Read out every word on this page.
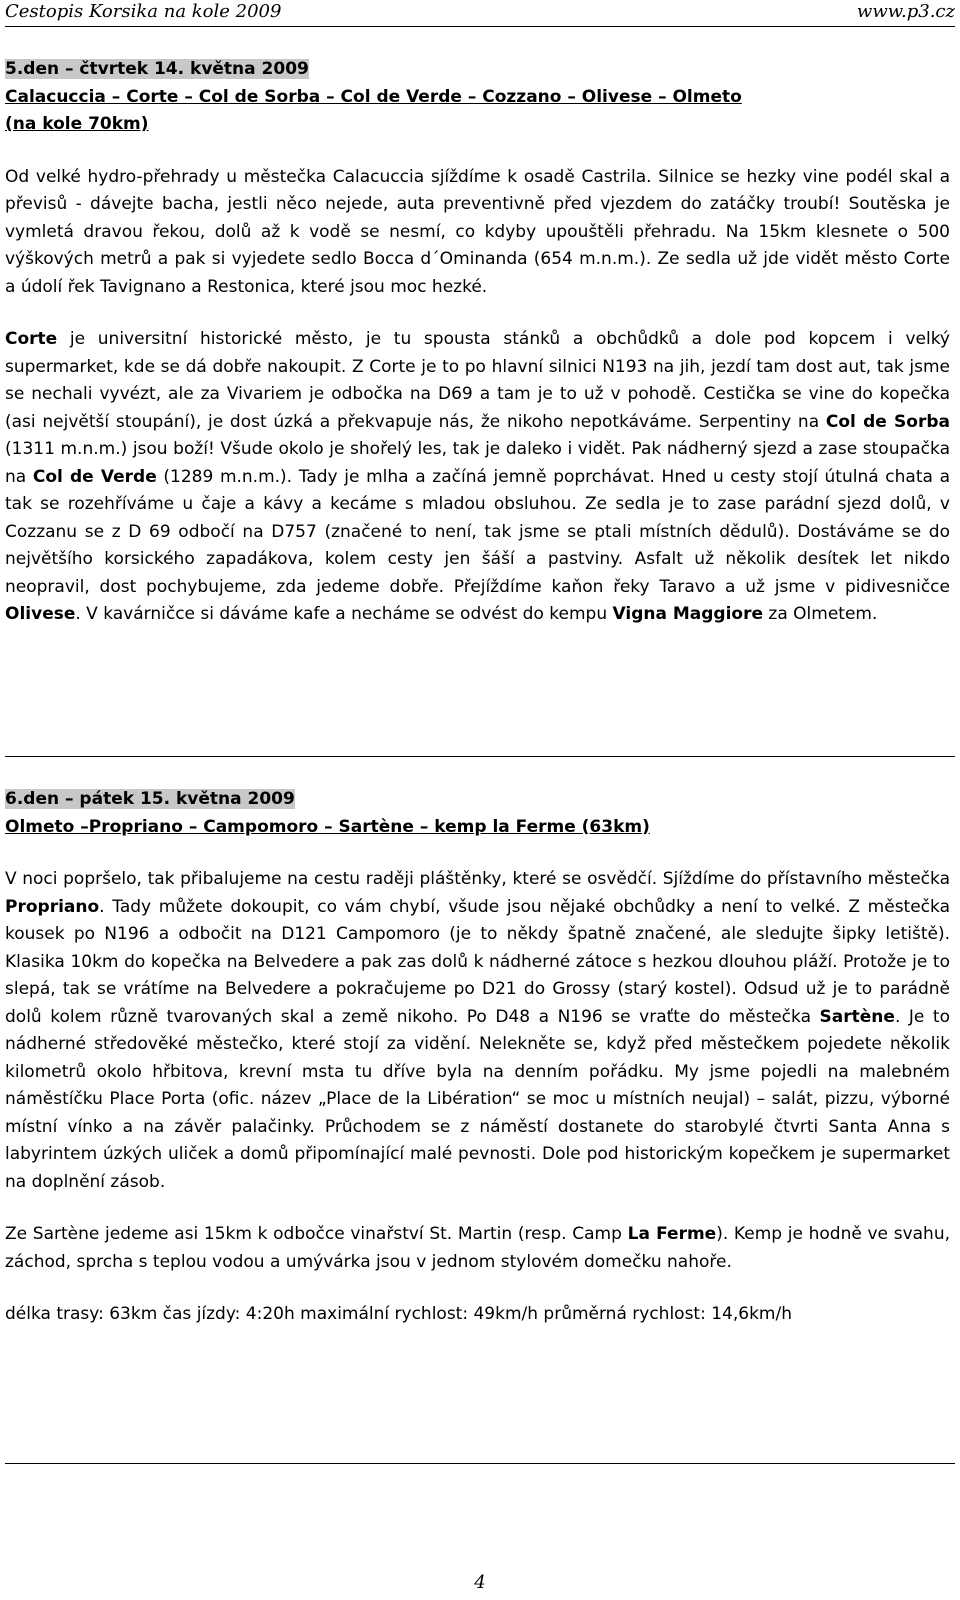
Cestopis Korsika na kole 2009	www.p3.cz
5.den – čtvrtek 14. května 2009
Calacuccia – Corte – Col de Sorba – Col de Verde – Cozzano – Olivese – Olmeto
(na kole 70km)

Od velké hydro-přehrady u městečka Calacuccia sjíždíme k osadě Castrila. Silnice se hezky vine podél skal a převisů - dávejte bacha, jestli něco nejede, auta preventivně před vjezdem do zatáčky troubí! Soutěska je vymletá dravou řekou, dolů až k vodě se nesmí, co kdyby upouštěli přehradu. Na 15km klesnete o 500 výškových metrů a pak si vyjedete sedlo Bocca d´Ominanda (654 m.n.m.). Ze sedla už jde vidět město Corte a údolí řek Tavignano a Restonica, které jsou moc hezké.

Corte je universitní historické město, je tu spousta stánků a obchůdků a dole pod kopcem i velký supermarket, kde se dá dobře nakoupit. Z Corte je to po hlavní silnici N193 na jih, jezdí tam dost aut, tak jsme se nechali vyvézt, ale za Vivariem je odbočka na D69 a tam je to už v pohodě. Cestička se vine do kopečka (asi největší stoupání), je dost úzká a překvapuje nás, že nikoho nepotkáváme. Serpentiny na Col de Sorba (1311 m.n.m.) jsou boží! Všude okolo je shořelý les, tak je daleko i vidět. Pak nádherný sjezd a zase stoupačka na Col de Verde (1289 m.n.m.). Tady je mlha a začíná jemně poprchávat. Hned u cesty stojí útulná chata a tak se rozehříváme u čaje a kávy a kecáme s mladou obsluhou. Ze sedla je to zase parádní sjezd dolů, v Cozzanu se z D 69 odbočí na D757 (značené to není, tak jsme se ptali místních dědulů). Dostáváme se do největšího korsického zapadákova, kolem cesty jen šáší a pastviny. Asfalt už několik desítek let nikdo neopravil, dost pochybujeme, zda jedeme dobře. Přejíždíme kaňon řeky Taravo a už jsme v pidivesničce Olivese. V kavárničce si dáváme kafe a necháme se odvést do kempu Vigna Maggiore za Olmetem.

6.den – pátek 15. května 2009
Olmeto –Propriano – Campomoro – Sartène – kemp la Ferme (63km)

V noci popršelo, tak přibalujeme na cestu raději pláštěnky, které se osvědčí. Sjíždíme do přístavního městečka Propriano. Tady můžete dokoupit, co vám chybí, všude jsou nějaké obchůdky a není to velké. Z městečka kousek po N196 a odbočit na D121 Campomoro (je to někdy špatně značené, ale sledujte šipky letiště). Klasika 10km do kopečka na Belvedere a pak zas dolů k nádherné zátoce s hezkou dlouhou pláží. Protože je to slepá, tak se vrátíme na Belvedere a pokračujeme po D21 do Grossy (starý kostel). Odsud už je to parádně dolů kolem různě tvarovaných skal a země nikoho. Po D48 a N196 se vraťte do městečka Sartène. Je to nádherné středověké městečko, které stojí za vidění. Nelekněte se, když před městečkem pojedete několik kilometrů okolo hřbitova, krevní msta tu dříve byla na denním pořádku. My jsme pojedli na malebném náměstíčku Place Porta (ofic. název „Place de la Libération“ se moc u místních neujal) – salát, pizzu, výborné místní vínko a na závěr palačinky. Průchodem se z náměstí dostanete do starobylé čtvrti Santa Anna s labyrintem úzkých uliček a domů připomínající malé pevnosti. Dole pod historickým kopečkem je supermarket na doplnění zásob.

Ze Sartène jedeme asi 15km k odbočce vinařství St. Martin (resp. Camp La Ferme). Kemp je hodně ve svahu, záchod, sprcha s teplou vodou a umývárka jsou v jednom stylovém domečku nahoře.

délka trasy: 63km čas jízdy: 4:20h maximální rychlost: 49km/h průměrná rychlost: 14,6km/h

4
